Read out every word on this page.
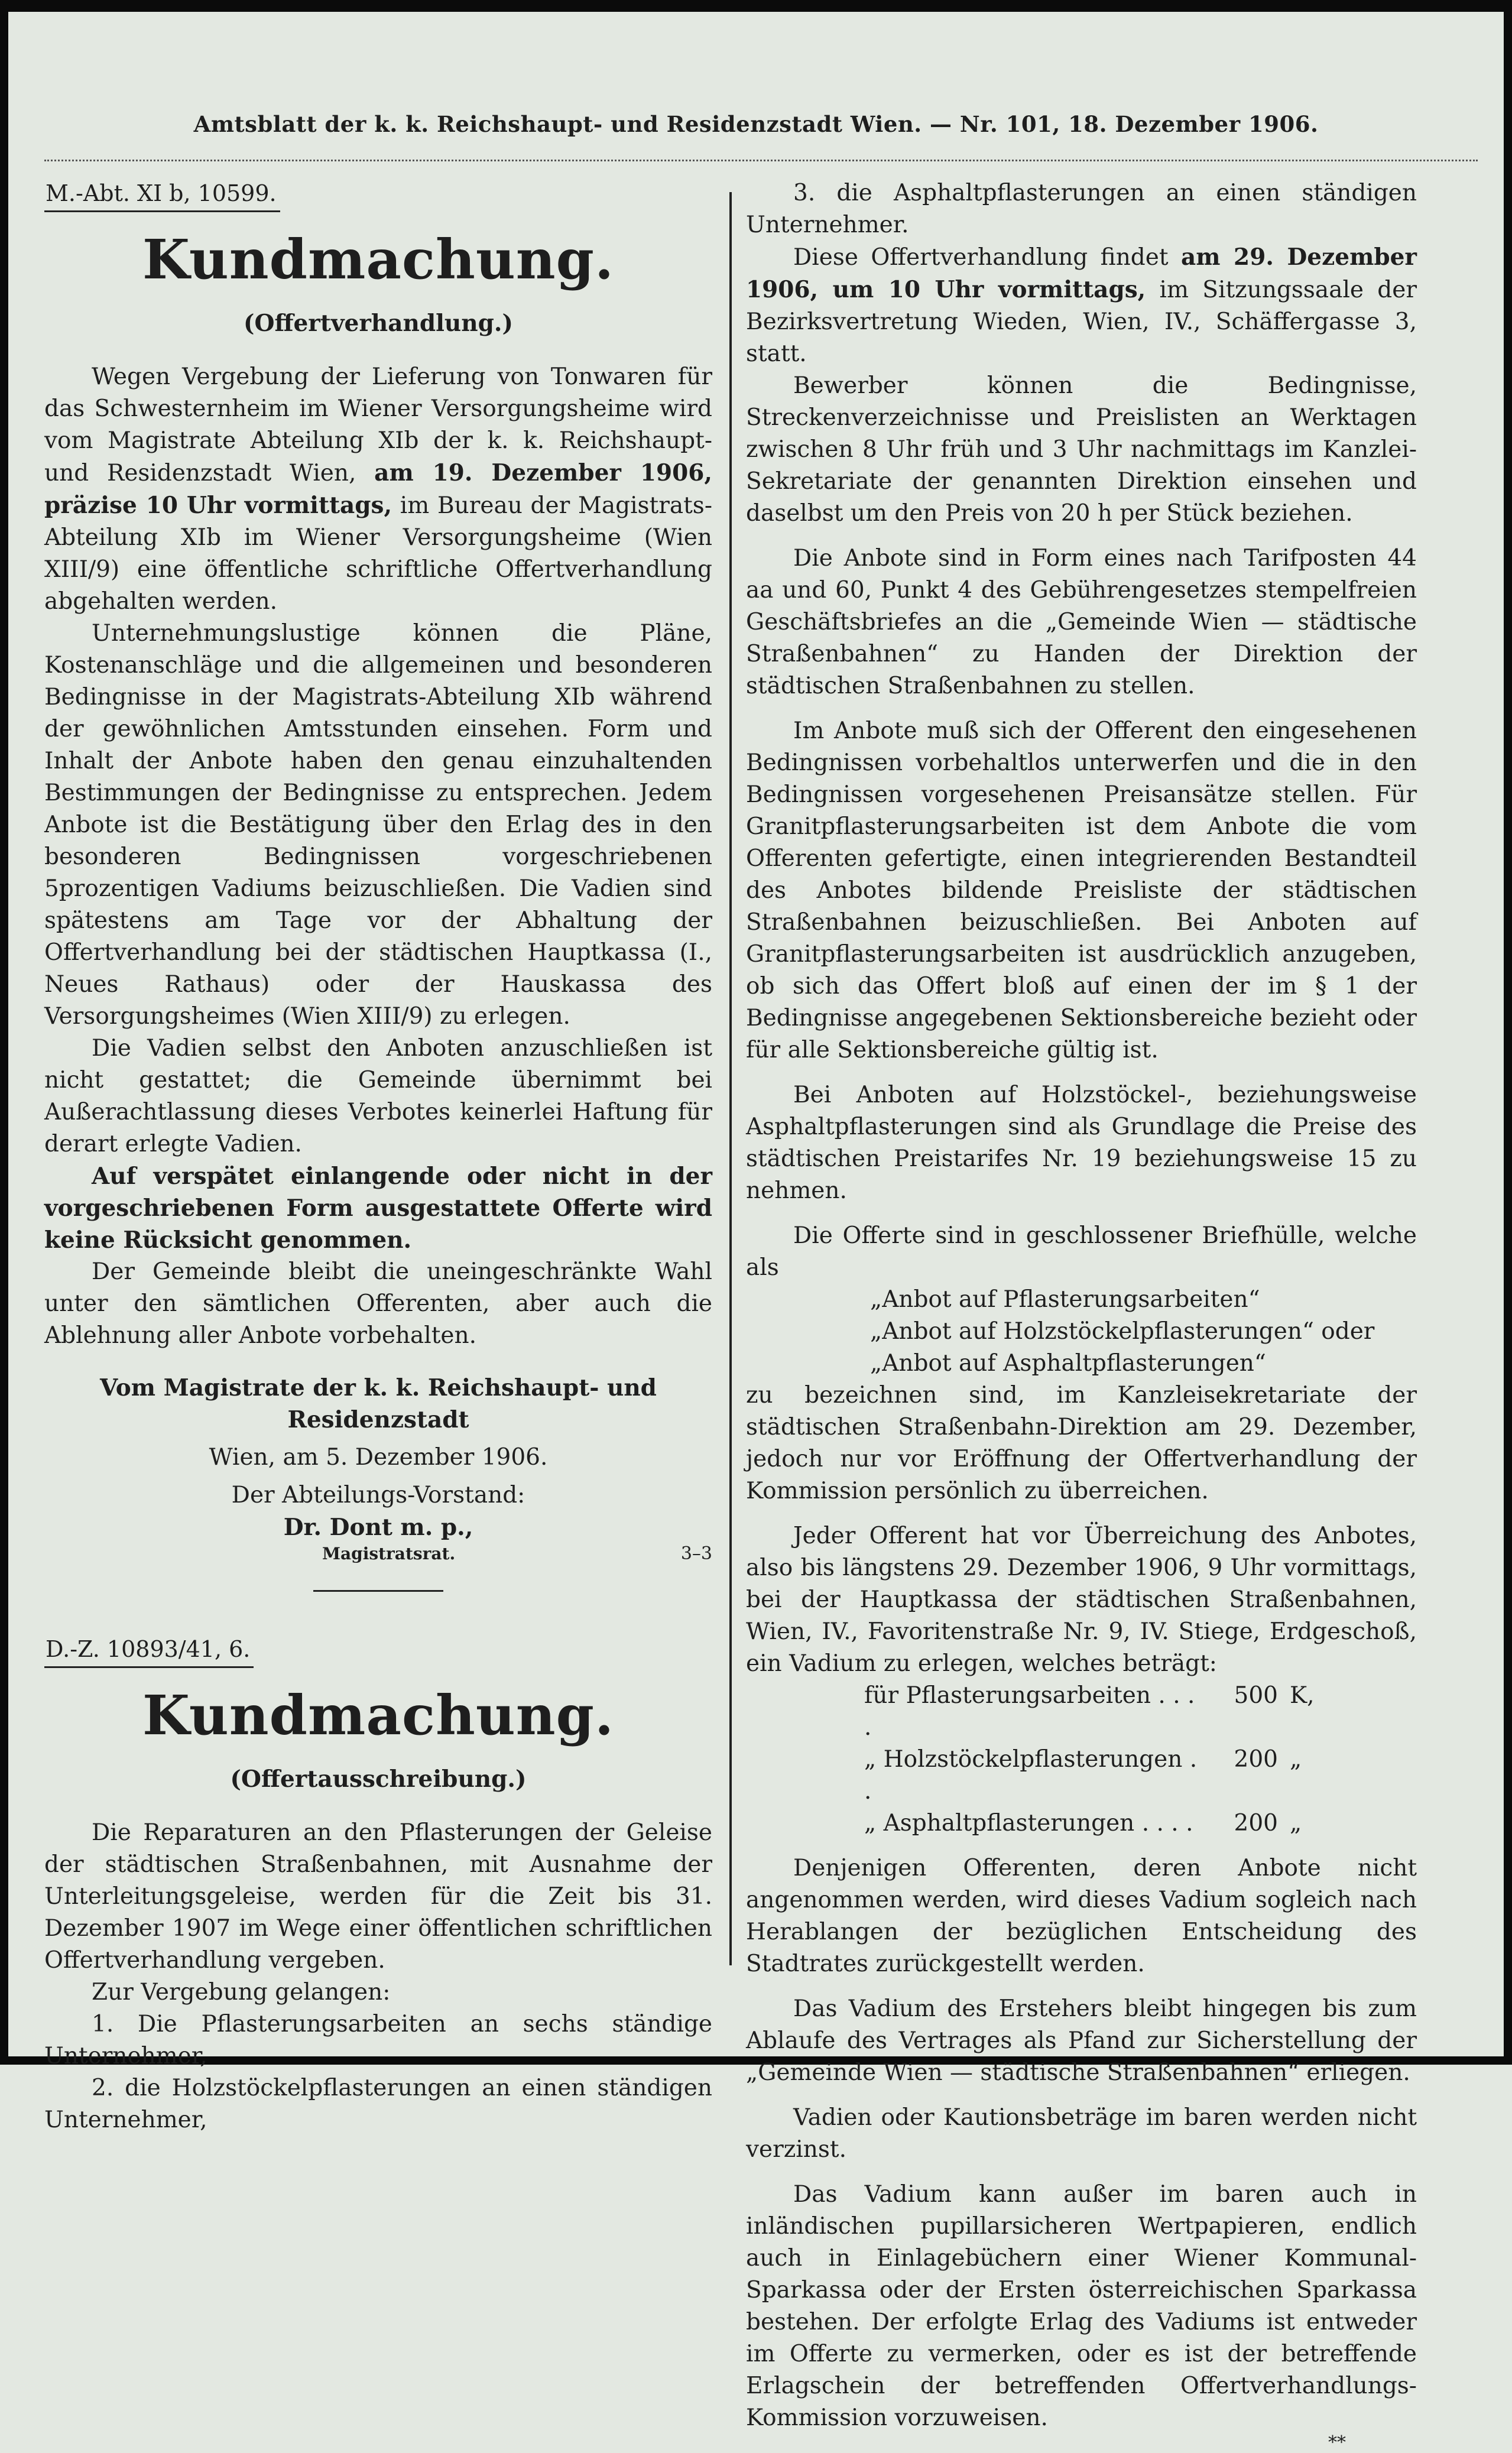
Amtsblatt der k. k. Reichshaupt- und Residenzstadt Wien. — Nr. 101, 18. Dezember 1906.
M.-Abt. XI b, 10599.
Kundmachung.
(Offertverhandlung.)

Wegen Vergebung der Lieferung von Tonwaren für das Schwesternheim im Wiener Versorgungsheime wird vom Magistrate Abteilung XIb der k. k. Reichshaupt- und Residenzstadt Wien, am 19. Dezember 1906, präzise 10 Uhr vormittags, im Bureau der Magistrats-Abteilung XIb im Wiener Versorgungsheime (Wien XIII/9) eine öffentliche schriftliche Offertverhandlung abgehalten werden.

Unternehmungslustige können die Pläne, Kostenanschläge und die allgemeinen und besonderen Bedingnisse in der Magistrats-Abteilung XIb während der gewöhnlichen Amtsstunden einsehen. Form und Inhalt der Anbote haben den genau einzuhaltenden Bestimmungen der Bedingnisse zu entsprechen. Jedem Anbote ist die Bestätigung über den Erlag des in den besonderen Bedingnissen vorgeschriebenen 5prozentigen Vadiums beizuschließen. Die Vadien sind spätestens am Tage vor der Abhaltung der Offertverhandlung bei der städtischen Hauptkassa (I., Neues Rathaus) oder der Hauskassa des Versorgungsheimes (Wien XIII/9) zu erlegen.

Die Vadien selbst den Anboten anzuschließen ist nicht gestattet; die Gemeinde übernimmt bei Außerachtlassung dieses Verbotes keinerlei Haftung für derart erlegte Vadien.

Auf verspätet einlangende oder nicht in der vorgeschriebenen Form ausgestattete Offerte wird keine Rücksicht genommen.

Der Gemeinde bleibt die uneingeschränkte Wahl unter den sämtlichen Offerenten, aber auch die Ablehnung aller Anbote vorbehalten.

Vom Magistrate der k. k. Reichshaupt- und Residenzstadt

Wien, am 5. Dezember 1906.

Der Abteilungs-Vorstand:

Dr. Dont m. p.,

Magistratsrat.	3–3
D.-Z. 10893/41, 6.
Kundmachung.
(Offertausschreibung.)

Die Reparaturen an den Pflasterungen der Geleise der städtischen Straßenbahnen, mit Ausnahme der Unterleitungsgeleise, werden für die Zeit bis 31. Dezember 1907 im Wege einer öffentlichen schriftlichen Offertverhandlung vergeben.

Zur Vergebung gelangen:

1. Die Pflasterungsarbeiten an sechs ständige Unternehmer,

2. die Holzstöckelpflasterungen an einen ständigen Unternehmer,

3. die Asphaltpflasterungen an einen ständigen Unternehmer.

Diese Offertverhandlung findet am 29. Dezember 1906, um 10 Uhr vormittags, im Sitzungssaale der Bezirksvertretung Wieden, Wien, IV., Schäffergasse 3, statt.

Bewerber können die Bedingnisse, Streckenverzeichnisse und Preislisten an Werktagen zwischen 8 Uhr früh und 3 Uhr nachmittags im Kanzlei-Sekretariate der genannten Direktion einsehen und daselbst um den Preis von 20 h per Stück beziehen.

Die Anbote sind in Form eines nach Tarifposten 44 aa und 60, Punkt 4 des Gebührengesetzes stempelfreien Geschäftsbriefes an die „Gemeinde Wien — städtische Straßenbahnen“ zu Handen der Direktion der städtischen Straßenbahnen zu stellen.

Im Anbote muß sich der Offerent den eingesehenen Bedingnissen vorbehaltlos unterwerfen und die in den Bedingnissen vorgesehenen Preisansätze stellen. Für Granitpflasterungsarbeiten ist dem Anbote die vom Offerenten gefertigte, einen integrierenden Bestandteil des Anbotes bildende Preisliste der städtischen Straßenbahnen beizuschließen. Bei Anboten auf Granitpflasterungsarbeiten ist ausdrücklich anzugeben, ob sich das Offert bloß auf einen der im § 1 der Bedingnisse angegebenen Sektionsbereiche bezieht oder für alle Sektionsbereiche gültig ist.

Bei Anboten auf Holzstöckel-, beziehungsweise Asphaltpflasterungen sind als Grundlage die Preise des städtischen Preistarifes Nr. 19 beziehungsweise 15 zu nehmen.

Die Offerte sind in geschlossener Briefhülle, welche als

„Anbot auf Pflasterungsarbeiten“

„Anbot auf Holzstöckelpflasterungen“ oder

„Anbot auf Asphaltpflasterungen“

zu bezeichnen sind, im Kanzleisekretariate der städtischen Straßenbahn-Direktion am 29. Dezember, jedoch nur vor Eröffnung der Offertverhandlung der Kommission persönlich zu überreichen.

Jeder Offerent hat vor Überreichung des Anbotes, also bis längstens 29. Dezember 1906, 9 Uhr vormittags, bei der Hauptkassa der städtischen Straßenbahnen, Wien, IV., Favoritenstraße Nr. 9, IV. Stiege, Erdgeschoß, ein Vadium zu erlegen, welches beträgt:

für Pflasterungsarbeiten . . . .
500 K,
„ Holzstöckelpflasterungen . .
200 „
„ Asphaltpflasterungen . . . .	200 „

Denjenigen Offerenten, deren Anbote nicht angenommen werden, wird dieses Vadium sogleich nach Herablangen der bezüglichen Entscheidung des Stadtrates zurückgestellt werden.

Das Vadium des Erstehers bleibt hingegen bis zum Ablaufe des Vertrages als Pfand zur Sicherstellung der „Gemeinde Wien — städtische Straßenbahnen“ erliegen.

Vadien oder Kautionsbeträge im baren werden nicht verzinst.

Das Vadium kann außer im baren auch in inländischen pupillarsicheren Wertpapieren, endlich auch in Einlagebüchern einer Wiener Kommunal-Sparkassa oder der Ersten österreichischen Sparkassa bestehen. Der erfolgte Erlag des Vadiums ist entweder im Offerte zu vermerken, oder es ist der betreffende Erlagschein der betreffenden Offertverhandlungs-Kommission vorzuweisen.

**
